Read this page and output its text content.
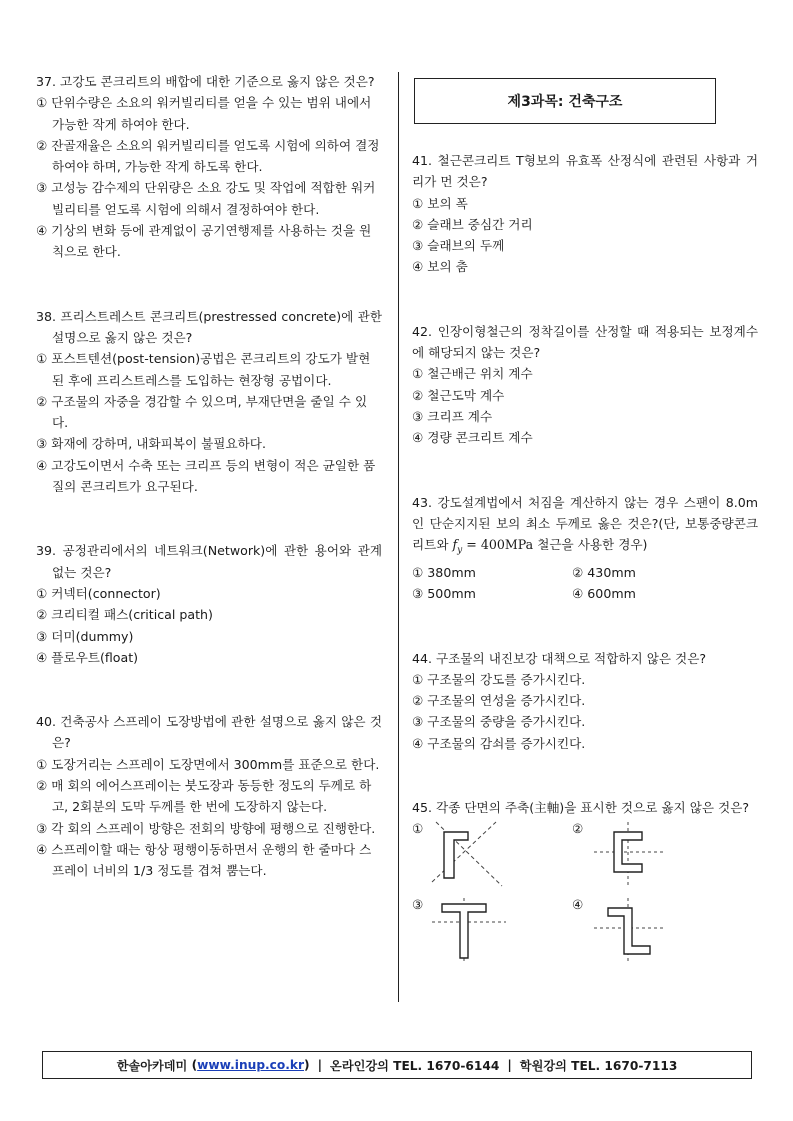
37. 고강도 콘크리트의 배합에 대한 기준으로 옳지 않은 것은?
① 단위수량은 소요의 워커빌리티를 얻을 수 있는 범위 내에서 가능한 작게 하여야 한다.
② 잔골재율은 소요의 워커빌리티를 얻도록 시험에 의하여 결정하여야 하며, 가능한 작게 하도록 한다.
③ 고성능 감수제의 단위량은 소요 강도 및 작업에 적합한 워커빌리티를 얻도록 시험에 의해서 결정하여야 한다.
④ 기상의 변화 등에 관계없이 공기연행제를 사용하는 것을 원칙으로 한다.
38. 프리스트레스트 콘크리트(prestressed concrete)에 관한 설명으로 옳지 않은 것은?
① 포스트텐션(post-tension)공법은 콘크리트의 강도가 발현된 후에 프리스트레스를 도입하는 현장형 공법이다.
② 구조물의 자중을 경감할 수 있으며, 부재단면을 줄일 수 있다.
③ 화재에 강하며, 내화피복이 불필요하다.
④ 고강도이면서 수축 또는 크리프 등의 변형이 적은 균일한 품질의 콘크리트가 요구된다.
39. 공정관리에서의 네트워크(Network)에 관한 용어와 관계 없는 것은?
① 커넥터(connector)
② 크리티컬 패스(critical path)
③ 더미(dummy)
④ 플로우트(float)
40. 건축공사 스프레이 도장방법에 관한 설명으로 옳지 않은 것은?
① 도장거리는 스프레이 도장면에서 300mm를 표준으로 한다.
② 매 회의 에어스프레이는 붓도장과 동등한 정도의 두께로 하고, 2회분의 도막 두께를 한 번에 도장하지 않는다.
③ 각 회의 스프레이 방향은 전회의 방향에 평행으로 진행한다.
④ 스프레이할 때는 항상 평행이동하면서 운행의 한 줄마다 스프레이 너비의 1/3 정도를 겹쳐 뿜는다.
제3과목: 건축구조
41. 철근콘크리트 T형보의 유효폭 산정식에 관련된 사항과 거리가 먼 것은?
① 보의 폭
② 슬래브 중심간 거리
③ 슬래브의 두께
④ 보의 춤
42. 인장이형철근의 정착길이를 산정할 때 적용되는 보정계수에 해당되지 않는 것은?
① 철근배근 위치 계수
② 철근도막 계수
③ 크리프 계수
④ 경량 콘크리트 계수
43. 강도설계법에서 처짐을 계산하지 않는 경우 스팬이 8.0m인 단순지지된 보의 최소 두께로 옳은 것은?(단, 보통중량콘크리트와 $f_y = 400MPa$ 철근을 사용한 경우)
① 380mm	② 430mm
③ 500mm	④ 600mm
44. 구조물의 내진보강 대책으로 적합하지 않은 것은?
① 구조물의 강도를 증가시킨다.
② 구조물의 연성을 증가시킨다.
③ 구조물의 중량을 증가시킨다.
④ 구조물의 감쇠를 증가시킨다.
45. 각종 단면의 주축(主軸)을 표시한 것으로 옳지 않은 것은?
①	②
③	④
한솔아카데미
( www.inup.co.kr ) | 온라인강의 TEL. 1670-6144 | 학원강의 TEL. 1670-7113
